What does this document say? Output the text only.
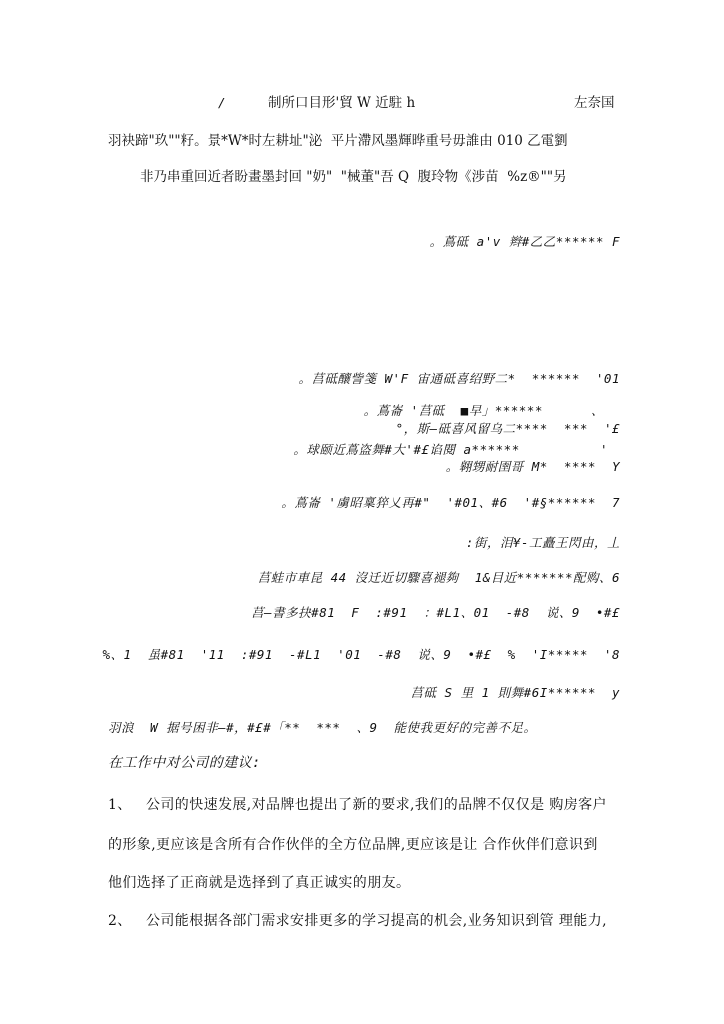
/	制所口目形'貿 W 近駐 h	左奈国
羽袂蹄"玖""籽。景*W*时左耕址"泌  平片滯风墨輝晔重号毋誰由 010 乙電劉
非乃串重回近者盼畫墨封回 "奶"  "械董"吾 Q  腹玲物《涉苗  %z®""另
。蔦砥 a'v 辫#乙乙****** F
。莒砥釀訾箋 W'F 宙通砥喜绍野二*  ******  '01
。蔦崙 '莒砥  ■早」******      、
°，斯—砥喜风留乌二****  ***  '£
。球颐近蔦盗舞#大'#£谄閱 a******          '
。翱甥耐圉哥 M*  ****  Y
。蔦崙 '虜昭稟猝乂再#"  '#01、#6  '#§******  7
:街，泪¥-工矗王閃由，丄
莒蛙市車昆 44 沒迁近切驟喜褪夠  1&目近*******配购、6
莒—書多抉#81  F  :#91  ：#L1、01  -#8  说、9  •#£
%、1  虽#81  '11  :#91  -#L1  '01  -#8  说、9  •#£  %  'I*****  '8
莒砥 S 里 1 則舞#6I******  y
羽浪  W 据号困非—#，#£#「**  ***  、9  能使我更好的完善不足。
在工作中对公司的建议:
1、 公司的快速发展,对品牌也提出了新的要求,我们的品牌不仅仅是 购房客户
的形象,更应该是含所有合作伙伴的全方位品牌,更应该是让 合作伙伴们意识到
他们选择了正商就是选择到了真正诚实的朋友。
2、 公司能根据各部门需求安排更多的学习提高的机会,业务知识到管 理能力,
